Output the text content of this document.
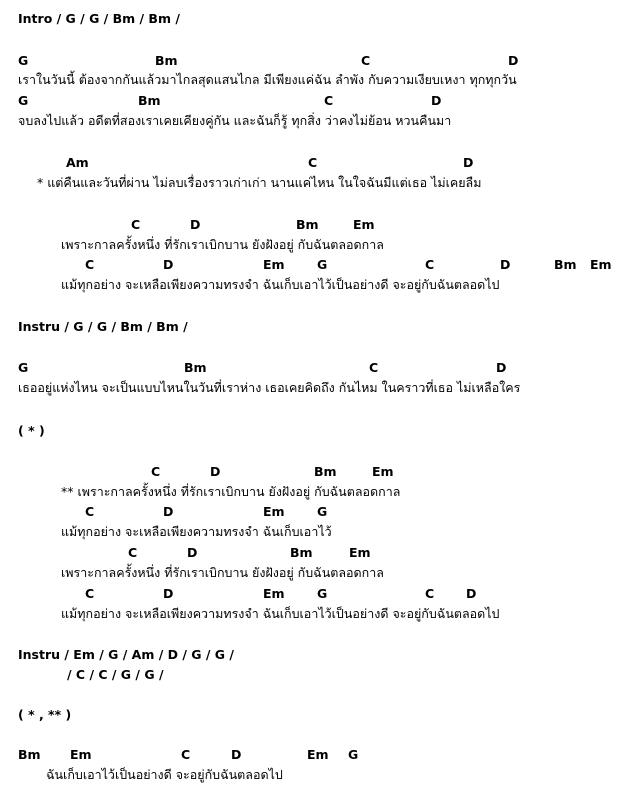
Intro / G / G / Bm / Bm /
G	Bm	C	D
เราในวันนี้ ต้องจากกันแล้วมาไกลสุดแสนไกล มีเพียงแค่ฉัน ลำพัง กับความเงียบเหงา ทุกทุกวัน
G	Bm	C	D
จบลงไปแล้ว อดีตที่สองเราเคยเคียงคู่กัน และฉันก็รู้ ทุกสิ่ง ว่าคงไม่ย้อน หวนคืนมา
Am	C	D
* แต่คืนและวันที่ผ่าน ไม่ลบเรื่องราวเก่าเก่า นานแค่ไหน ในใจฉันมีแต่เธอ ไม่เคยลืม
C	D	Bm	Em
เพราะกาลครั้งหนึ่ง ที่รักเราเบิกบาน ยังฝังอยู่ กับฉันตลอดกาล
C	D	Em	G	C	D	Bm Em
แม้ทุกอย่าง จะเหลือเพียงความทรงจำ ฉันเก็บเอาไว้เป็นอย่างดี จะอยู่กับฉันตลอดไป
Instru / G / G / Bm / Bm /
G	Bm	C	D
เธออยู่แห่งไหน จะเป็นแบบไหนในวันที่เราห่าง เธอเคยคิดถึง กันไหม ในคราวที่เธอ ไม่เหลือใคร
( * )
C	D	Bm	Em
** เพราะกาลครั้งหนึ่ง ที่รักเราเบิกบาน ยังฝังอยู่ กับฉันตลอดกาล
C	D	Em	G
แม้ทุกอย่าง จะเหลือเพียงความทรงจำ ฉันเก็บเอาไว้
C	D	Bm	Em
เพราะกาลครั้งหนึ่ง ที่รักเราเบิกบาน ยังฝังอยู่ กับฉันตลอดกาล
C	D	Em	G	C	D
แม้ทุกอย่าง จะเหลือเพียงความทรงจำ ฉันเก็บเอาไว้เป็นอย่างดี จะอยู่กับฉันตลอดไป
Instru / Em / G / Am / D / G / G /
/ C / C / G / G /
( * , ** )
Bm Em	C	D	Em G
ฉันเก็บเอาไว้เป็นอย่างดี จะอยู่กับฉันตลอดไป
